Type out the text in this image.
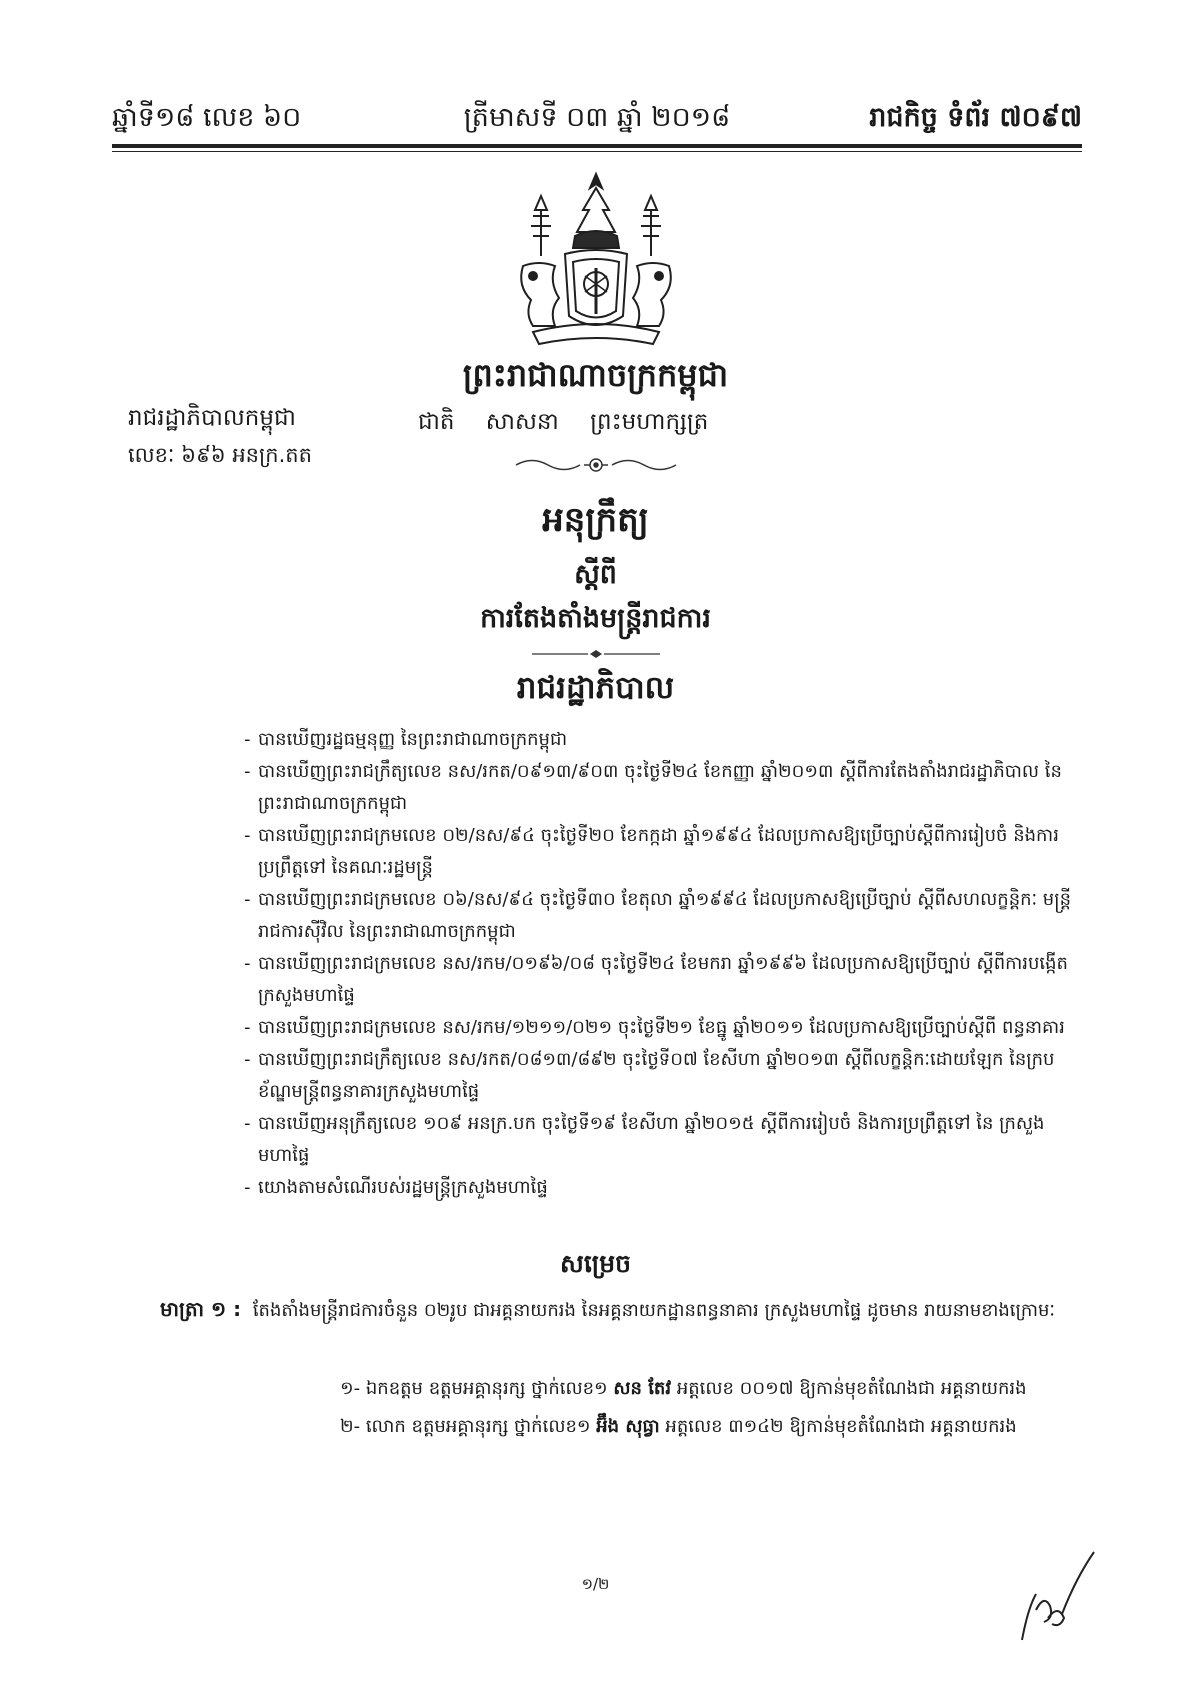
ឆ្នាំទី១៨ លេខ ៦០	ត្រីមាសទី ០៣ ឆ្នាំ ២០១៨	រាជកិច្ច ទំព័រ ៧០៩៧
ព្រះរាជាណាចក្រកម្ពុជា
រាជរដ្ឋាភិបាលកម្ពុជា	ជាតិ សាសនា ព្រះមហាក្សត្រ
លេខៈ ៦៩៦ អនក្រ.តត
អនុក្រឹត្យ
ស្តីពី
ការតែងតាំងមន្ត្រីរាជការ
រាជរដ្ឋាភិបាល
- បានឃើញរដ្ឋធម្មនុញ្ញ នៃព្រះរាជាណាចក្រកម្ពុជា
- បានឃើញព្រះរាជក្រឹត្យលេខ នស/រកត/០៩១៣/៩០៣ ចុះថ្ងៃទី២៤ ខែកញ្ញា ឆ្នាំ២០១៣ ស្តីពីការតែងតាំងរាជរដ្ឋាភិបាល នៃព្រះរាជាណាចក្រកម្ពុជា
- បានឃើញព្រះរាជក្រមលេខ ០២/នស/៩៤ ចុះថ្ងៃទី២០ ខែកក្កដា ឆ្នាំ១៩៩៤ ដែលប្រកាសឱ្យប្រើច្បាប់ស្តីពីការរៀបចំ និងការប្រព្រឹត្តទៅ នៃគណៈរដ្ឋមន្ត្រី
- បានឃើញព្រះរាជក្រមលេខ ០៦/នស/៩៤ ចុះថ្ងៃទី៣០ ខែតុលា ឆ្នាំ១៩៩៤ ដែលប្រកាសឱ្យប្រើច្បាប់ ស្តីពីសហលក្ខន្តិកៈ មន្ត្រីរាជការស៊ីវិល នៃព្រះរាជាណាចក្រកម្ពុជា
- បានឃើញព្រះរាជក្រមលេខ នស/រកម/០១៩៦/០៨ ចុះថ្ងៃទី២៤ ខែមករា ឆ្នាំ១៩៩៦ ដែលប្រកាសឱ្យប្រើច្បាប់ ស្តីពីការបង្កើតក្រសួងមហាផ្ទៃ
- បានឃើញព្រះរាជក្រមលេខ នស/រកម/១២១១/០២១ ចុះថ្ងៃទី២១ ខែធ្នូ ឆ្នាំ២០១១ ដែលប្រកាសឱ្យប្រើច្បាប់ស្តីពី ពន្ធនាគារ
- បានឃើញព្រះរាជក្រឹត្យលេខ នស/រកត/០៨១៣/៨៩២ ចុះថ្ងៃទី០៧ ខែសីហា ឆ្នាំ២០១៣ ស្តីពីលក្ខន្តិកៈដោយឡែក នៃក្របខ័ណ្ឌមន្ត្រីពន្ធនាគារក្រសួងមហាផ្ទៃ
- បានឃើញអនុក្រឹត្យលេខ ១០៩ អនក្រ.បក ចុះថ្ងៃទី១៩ ខែសីហា ឆ្នាំ២០១៥ ស្តីពីការរៀបចំ និងការប្រព្រឹត្តទៅ នៃ ក្រសួងមហាផ្ទៃ
- យោងតាមសំណើរបស់រដ្ឋមន្ត្រីក្រសួងមហាផ្ទៃ
សម្រេច
មាត្រា ១ : តែងតាំងមន្ត្រីរាជការចំនួន ០២រូប ជាអគ្គនាយករង នៃអគ្គនាយកដ្ឋានពន្ធនាគារ ក្រសួងមហាផ្ទៃ ដូចមាន រាយនាមខាងក្រោមៈ
១- ឯកឧត្តម ឧត្តមអគ្គានុរក្ស ថ្នាក់លេខ១ សន តែវ អត្តលេខ ០០១៧ ឱ្យកាន់មុខតំណែងជា អគ្គនាយករង
២- លោក ឧត្តមអគ្គានុរក្ស ថ្នាក់លេខ១ អ៊ឹង សុធ្វា អត្តលេខ ៣១៤២ ឱ្យកាន់មុខតំណែងជា អគ្គនាយករង
១/២
